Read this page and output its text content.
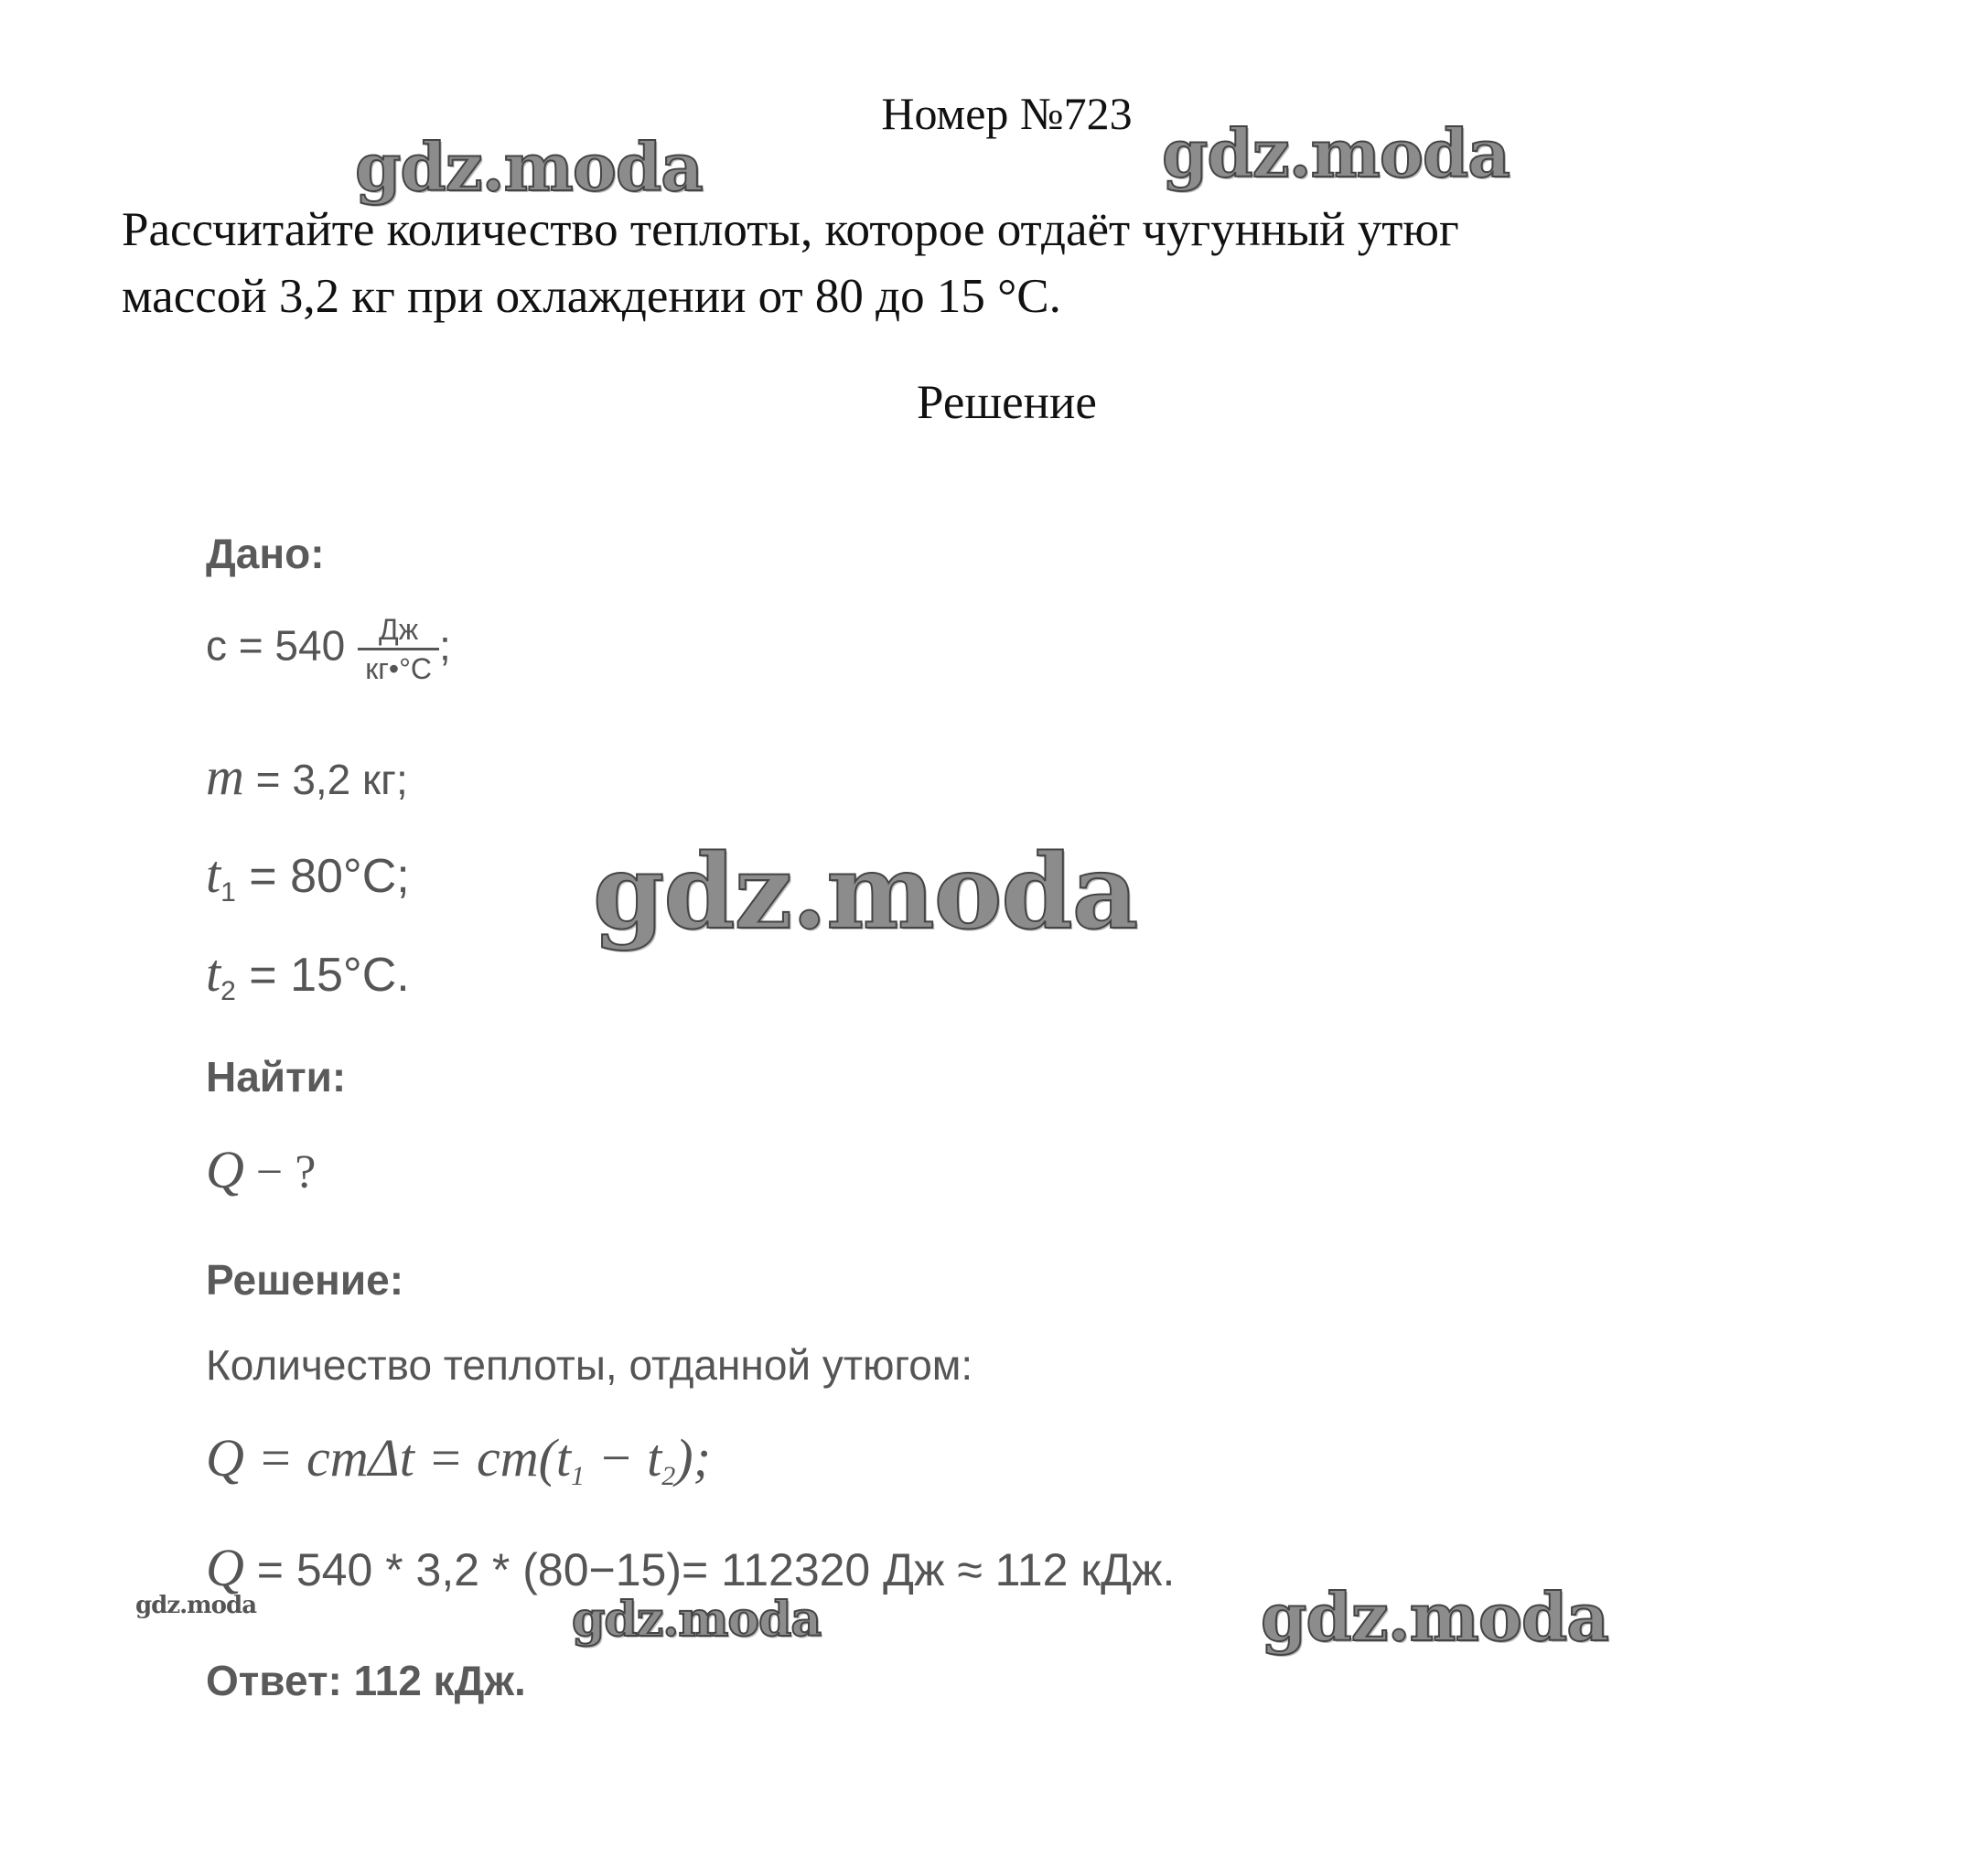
Номер №723
Рассчитайте количество теплоты, которое отдаёт чугунный утюг
массой 3,2 кг при охлаждении от 80 до 15 °C.
Решение
Дано:
$c = 540 \frac{Дж}{кг•^\circ C}$ ;
m = 3,2 кг;
$t_1 = 80^\circ C$;
$t_2 = 15^\circ C$.
Найти:
Q − ?
Решение:
Количество теплоты, отданной утюгом:
$Q = cm\Delta t = cm(t_1 - t_2)$;
Q = 540 * 3,2 * (80−15)= 112320 Дж ≈ 112 кДж.
Ответ: 112 кДж.
gdz.moda	gdz.moda
gdz.moda
gdz.moda	gdz.moda	gdz.moda
